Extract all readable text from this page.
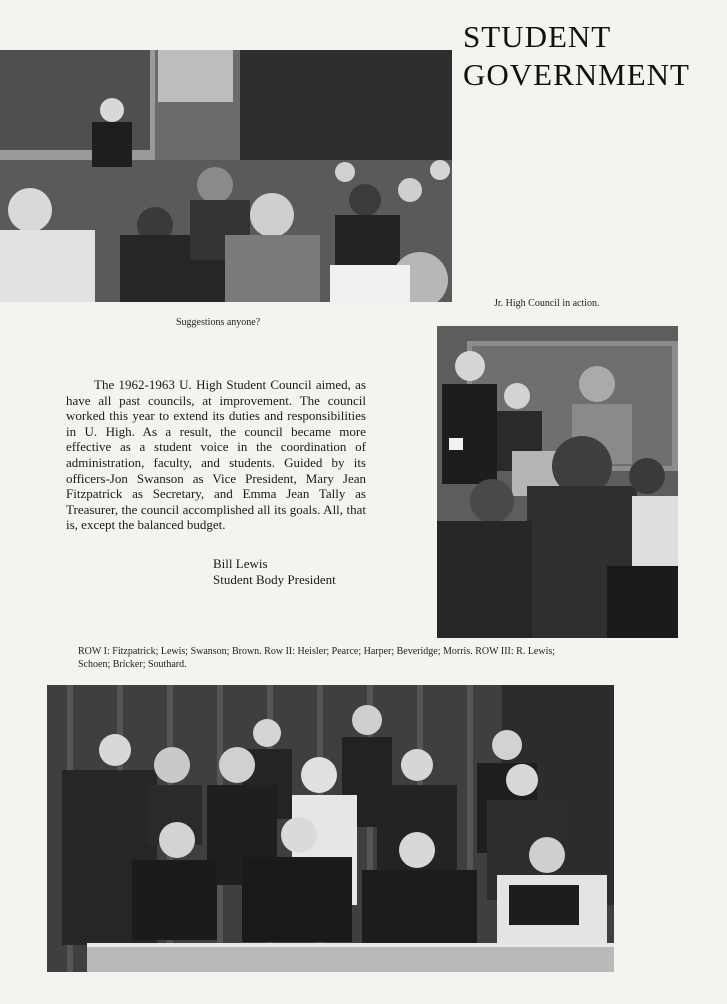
STUDENT
GOVERNMENT
Suggestions anyone?
Jr. High Council in action.
The 1962-1963 U. High Student Council aimed, as have all past councils, at improvement. The council worked this year to extend its duties and responsibilities in U. High. As a result, the council became more effective as a student voice in the coordination of administration, faculty, and students. Guided by its officers-Jon Swanson as Vice President, Mary Jean Fitzpatrick as Secretary, and Emma Jean Tally as Treasurer, the council accomplished all its goals. All, that is, except the balanced budget.
Bill Lewis
Student Body President
ROW I: Fitzpatrick; Lewis; Swanson; Brown. Row II: Heisler; Pearce; Harper; Beveridge; Morris. ROW III: R. Lewis; Schoen; Bricker; Southard.
